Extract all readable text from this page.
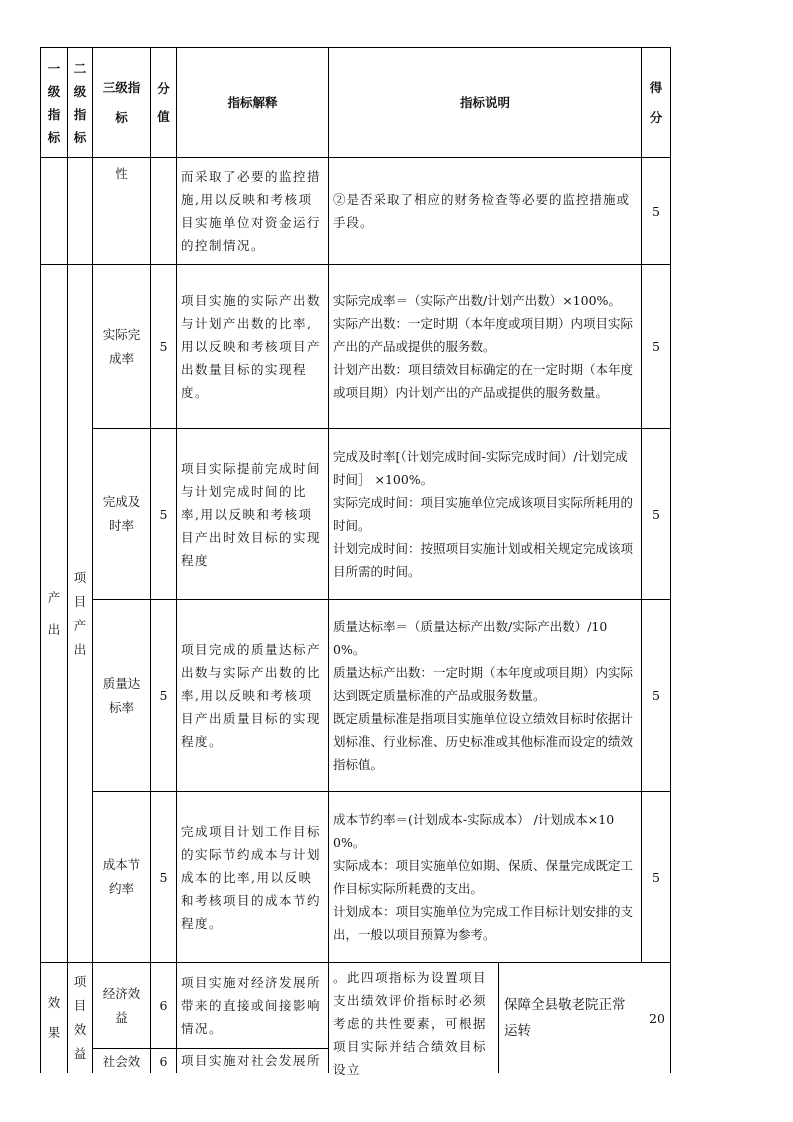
一级指标
二级指标
三级指标
分值
指标解释	指标说明
得分
性	而采取了必要的监控措施,用以反映和考核项目实施单位对资金运行的控制情况。
②是否采取了相应的财务检查等必要的监控措施或手段。
5
产出
项目产出
实际完成率
5
项目实施的实际产出数与计划产出数的比率,用以反映和考核项目产出数量目标的实现程度。

实际完成率＝（实际产出数/计划产出数）×100%。

实际产出数：一定时期（本年度或项目期）内项目实际产出的产品或提供的服务数。

计划产出数：项目绩效目标确定的在一定时期（本年度或项目期）内计划产出的产品或提供的服务数量。

5
完成及时率
5
项目实际提前完成时间与计划完成时间的比率,用以反映和考核项目产出时效目标的实现程度

完成及时率[（计划完成时间-实际完成时间）/计划完成时间］ ×100%。

实际完成时间：项目实施单位完成该项目实际所耗用的时间。

计划完成时间：按照项目实施计划或相关规定完成该项目所需的时间。

5
质量达标率
5
项目完成的质量达标产出数与实际产出数的比率,用以反映和考核项目产出质量目标的实现程度。

质量达标率＝（质量达标产出数/实际产出数）/100%。

质量达标产出数：一定时期（本年度或项目期）内实际达到既定质量标准的产品或服务数量。

既定质量标准是指项目实施单位设立绩效目标时依据计划标准、行业标准、历史标准或其他标准而设定的绩效指标值。

5
成本节约率
5
完成项目计划工作目标的实际节约成本与计划成本的比率,用以反映和考核项目的成本节约程度。

成本节约率＝(计划成本-实际成本） /计划成本×100%。

实际成本：项目实施单位如期、保质、保量完成既定工作目标实际所耗费的支出。

计划成本：项目实施单位为完成工作目标计划安排的支出，一般以项目预算为参考。

5
效果
项目效益
经济效益
6
项目实施对经济发展所带来的直接或间接影响情况。
。此四项指标为设置项目支出绩效评价指标时必须考虑的共性要素，可根据项目实际并结合绩效目标设立
保障全县敬老院正常运转
20
社会效 6 项目实施对社会发展所
